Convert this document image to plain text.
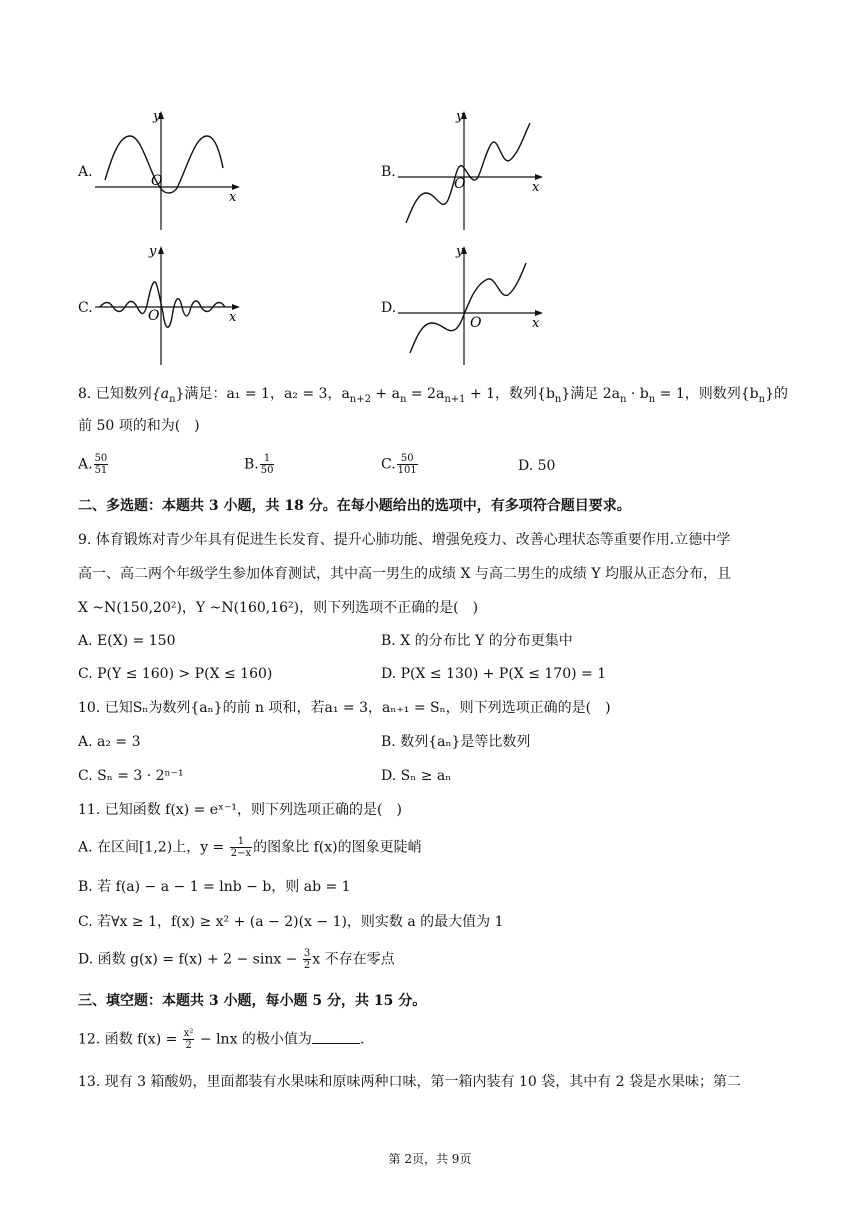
A.
y
x
O
B.
y
x
O
C.
y
x
O	D.
y
x
O
8. 已知数列$\{a_n\}$满足：a₁ = 1，a₂ = 3，$a_{n+2} + a_n = 2a_{n+1} + 1$，数列$\{b_n\}$满足 $2a_n \cdot b_n = 1$，则数列$\{b_n\}$的
前 50 项的和为(　)
A. $\frac{50}{51}$	B. $\frac{1}{50}$	C. $\frac{50}{101}$	D. 50
二、多选题：本题共 3 小题，共 18 分。在每小题给出的选项中，有多项符合题目要求。
9. 体育锻炼对青少年具有促进生长发育、提升心肺功能、增强免疫力、改善心理状态等重要作用.立德中学
高一、高二两个年级学生参加体育测试，其中高一男生的成绩 X 与高二男生的成绩 Y 均服从正态分布，且
X ~N(150,20²)，Y ~N(160,16²)，则下列选项不正确的是(　)
A. E(X) = 150	B. X 的分布比 Y 的分布更集中
C. P(Y ≤ 160) > P(X ≤ 160)	D. P(X ≤ 130) + P(X ≤ 170) = 1
10. 已知Sₙ为数列{aₙ}的前 n 项和，若a₁ = 3，aₙ₊₁ = Sₙ，则下列选项正确的是(　)
A. a₂ = 3	B. 数列{aₙ}是等比数列
C. Sₙ = 3 · 2ⁿ⁻¹	D. Sₙ ≥ aₙ
11. 已知函数 f(x) = eˣ⁻¹，则下列选项正确的是(　)
A. 在区间[1,2)上，$y = \frac{1}{2-x}$ 的图象比 f(x)的图象更陡峭
B. 若 f(a) − a − 1 = lnb − b，则 ab = 1
C. 若∀x ≥ 1，f(x) ≥ x² + (a − 2)(x − 1)，则实数 a 的最大值为 1
D. 函数 $g(x) = f(x) + 2 - \sin x - \frac{3}{2}$ x 不存在零点
三、填空题：本题共 3 小题，每小题 5 分，共 15 分。
12. 函数 $f(x) = \frac{\text{x²}}{2} - \ln x$ 的极小值为	.
13. 现有 3 箱酸奶，里面都装有水果味和原味两种口味，第一箱内装有 10 袋，其中有 2 袋是水果味；第二
第 2页，共 9页
